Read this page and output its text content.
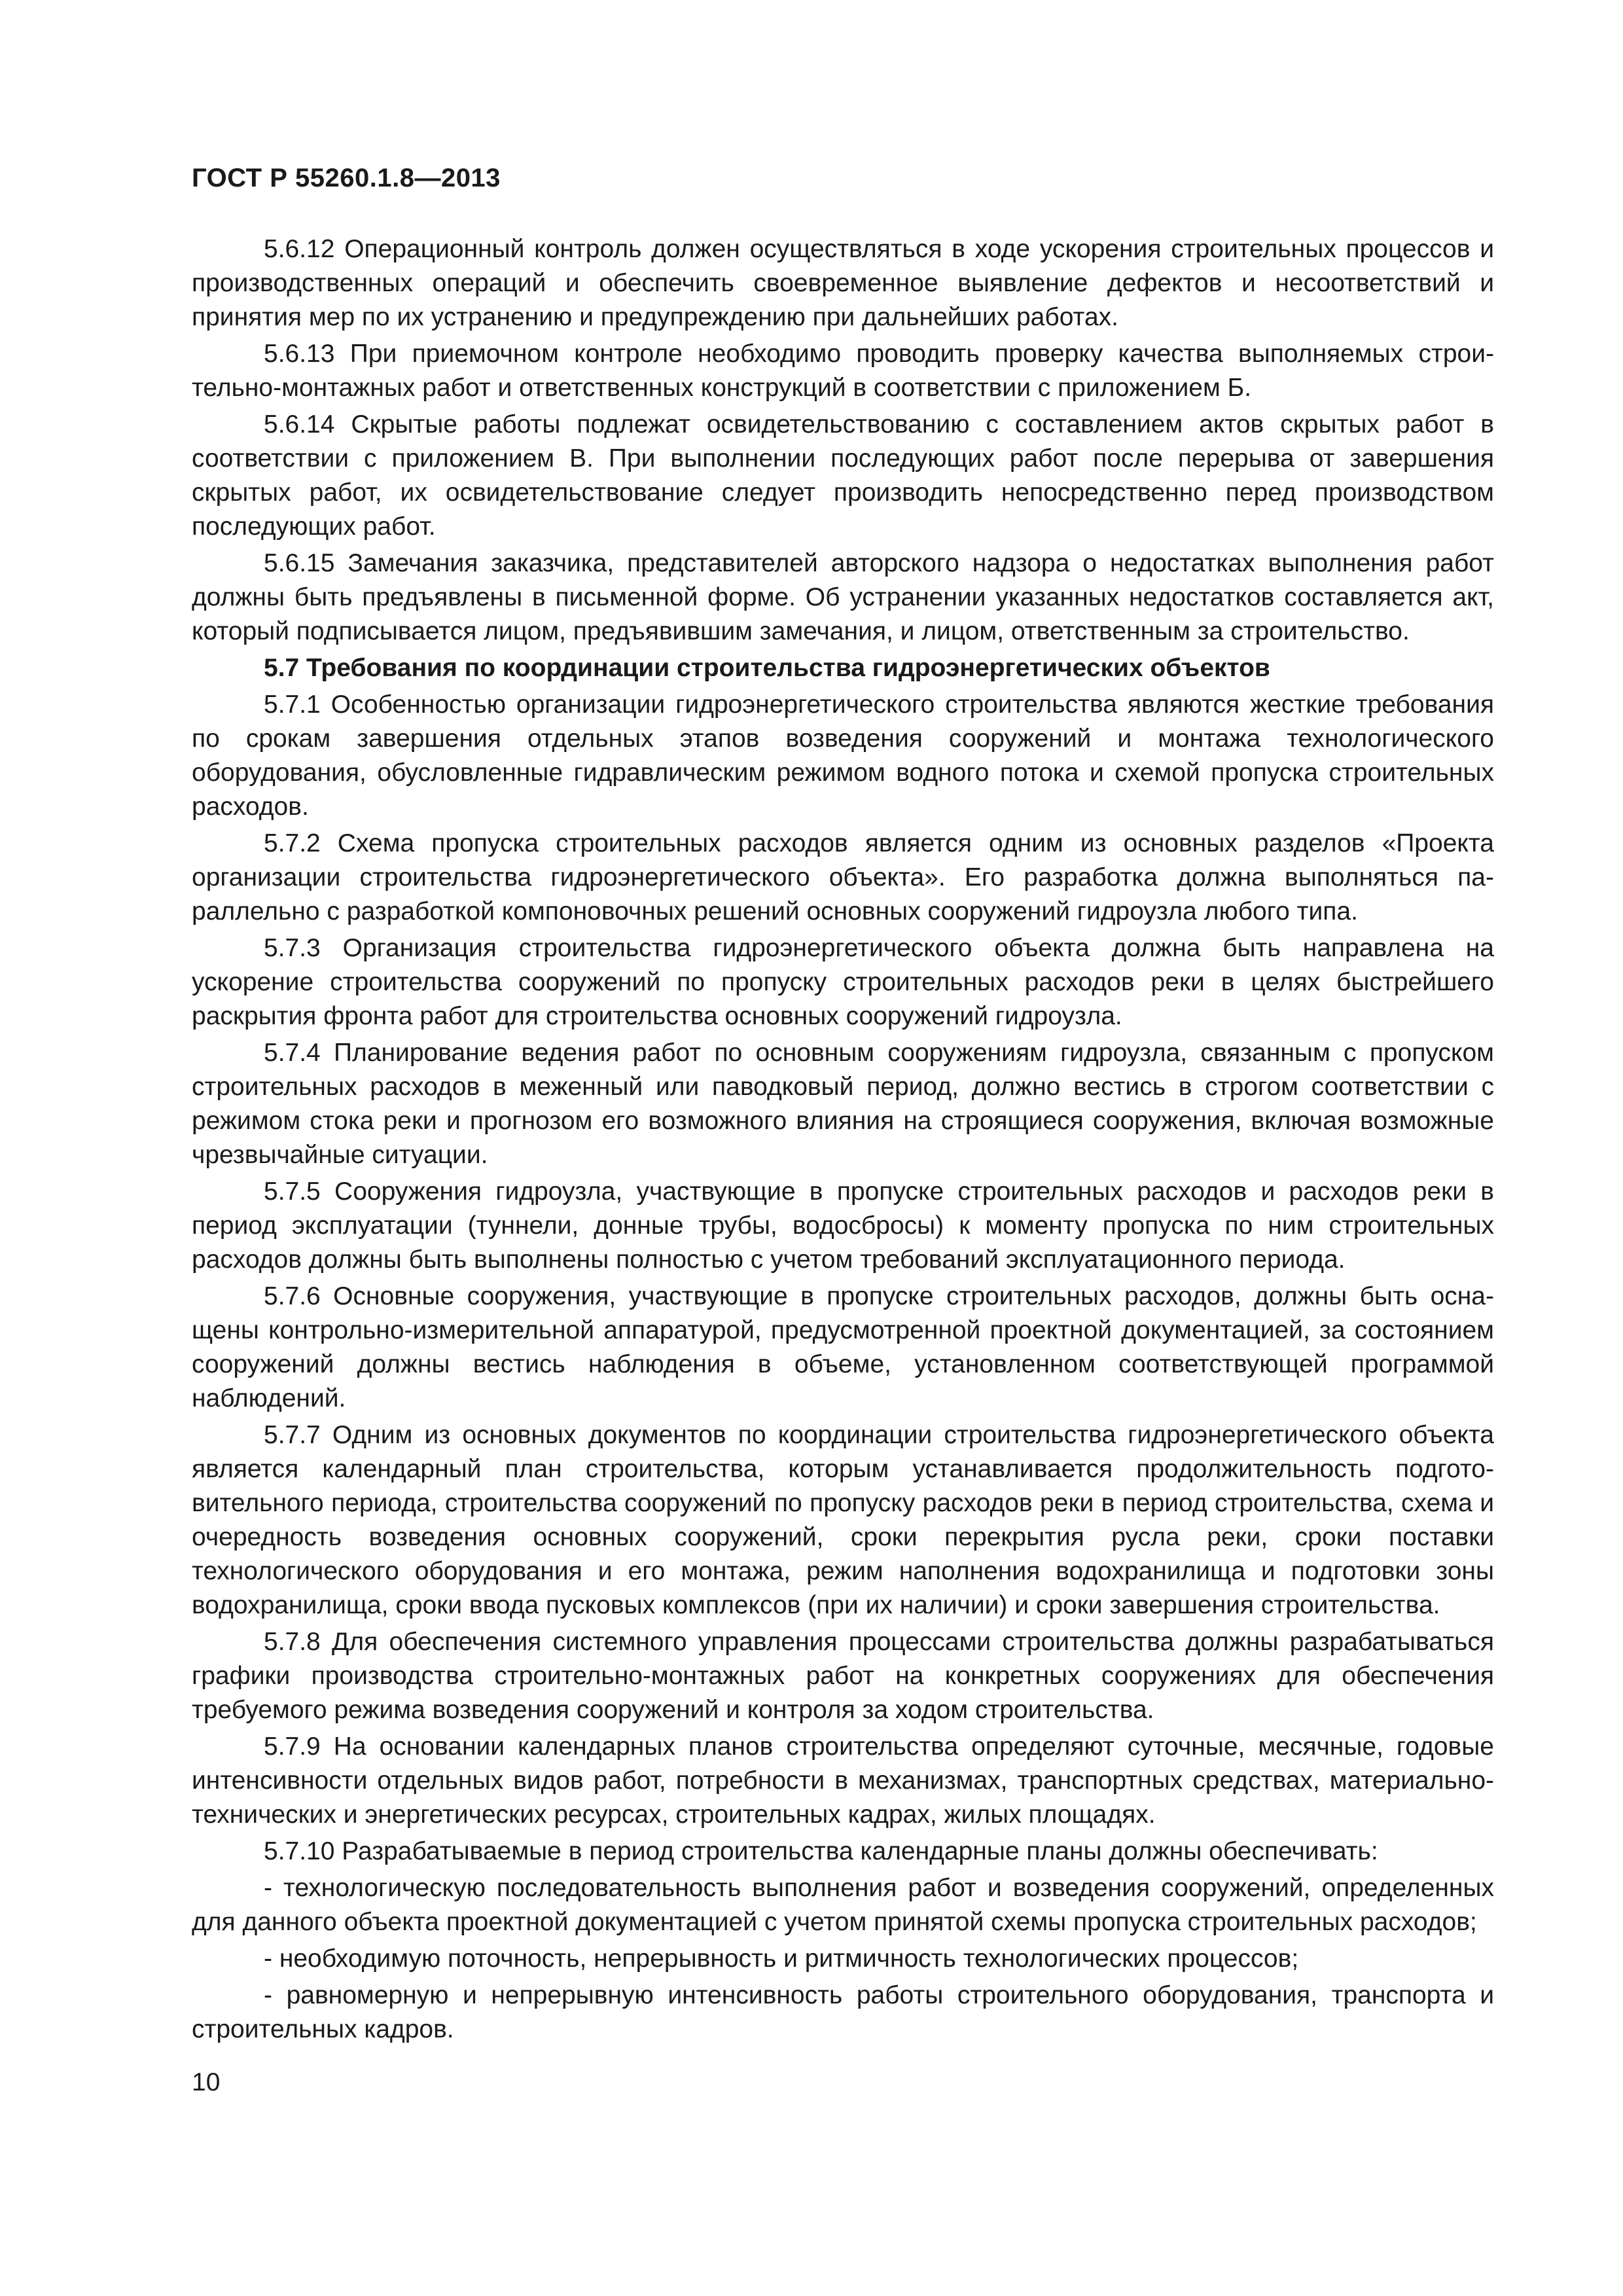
ГОСТ Р 55260.1.8—2013

5.6.12 Операционный контроль должен осуществляться в ходе ускорения строительных процессов и производственных операций и обеспечить своевременное выявление дефектов и несоответствий и принятия мер по их устранению и предупреждению при дальнейших работах.

5.6.13 При приемочном контроле необходимо проводить проверку качества выполняемых строительно-монтажных работ и ответственных конструкций в соответствии с приложением Б.

5.6.14 Скрытые работы подлежат освидетельствованию с составлением актов скрытых работ в соответствии с приложением В. При выполнении последующих работ после перерыва от завершения скрытых работ, их освидетельствование следует производить непосредственно перед производством последующих работ.

5.6.15 Замечания заказчика, представителей авторского надзора о недостатках выполнения работ должны быть предъявлены в письменной форме. Об устранении указанных недостатков составляется акт, который подписывается лицом, предъявившим замечания, и лицом, ответственным за строительство.

5.7 Требования по координации строительства гидроэнергетических объектов

5.7.1 Особенностью организации гидроэнергетического строительства являются жесткие требования по срокам завершения отдельных этапов возведения сооружений и монтажа технологического оборудования, обусловленные гидравлическим режимом водного потока и схемой пропуска строительных расходов.

5.7.2 Схема пропуска строительных расходов является одним из основных разделов «Проекта организации строительства гидроэнергетического объекта». Его разработка должна выполняться параллельно с разработкой компоновочных решений основных сооружений гидроузла любого типа.

5.7.3 Организация строительства гидроэнергетического объекта должна быть направлена на ускорение строительства сооружений по пропуску строительных расходов реки в целях быстрейшего раскрытия фронта работ для строительства основных сооружений гидроузла.

5.7.4 Планирование ведения работ по основным сооружениям гидроузла, связанным с пропуском строительных расходов в меженный или паводковый период, должно вестись в строгом соответствии с режимом стока реки и прогнозом его возможного влияния на строящиеся сооружения, включая возможные чрезвычайные ситуации.

5.7.5 Сооружения гидроузла, участвующие в пропуске строительных расходов и расходов реки в период эксплуатации (туннели, донные трубы, водосбросы) к моменту пропуска по ним строительных расходов должны быть выполнены полностью с учетом требований эксплуатационного периода.

5.7.6 Основные сооружения, участвующие в пропуске строительных расходов, должны быть оснащены контрольно-измерительной аппаратурой, предусмотренной проектной документацией, за состоянием сооружений должны вестись наблюдения в объеме, установленном соответствующей программой наблюдений.

5.7.7 Одним из основных документов по координации строительства гидроэнергетического объекта является календарный план строительства, которым устанавливается продолжительность подготовительного периода, строительства сооружений по пропуску расходов реки в период строительства, схема и очередность возведения основных сооружений, сроки перекрытия русла реки, сроки поставки технологического оборудования и его монтажа, режим наполнения водохранилища и подготовки зоны водохранилища, сроки ввода пусковых комплексов (при их наличии) и сроки завершения строительства.

5.7.8 Для обеспечения системного управления процессами строительства должны разрабатываться графики производства строительно-монтажных работ на конкретных сооружениях для обеспечения требуемого режима возведения сооружений и контроля за ходом строительства.

5.7.9 На основании календарных планов строительства определяют суточные, месячные, годовые интенсивности отдельных видов работ, потребности в механизмах, транспортных средствах, материально-технических и энергетических ресурсах, строительных кадрах, жилых площадях.

5.7.10 Разрабатываемые в период строительства календарные планы должны обеспечивать:

- технологическую последовательность выполнения работ и возведения сооружений, определенных для данного объекта проектной документацией с учетом принятой схемы пропуска строительных расходов;

- необходимую поточность, непрерывность и ритмичность технологических процессов;

- равномерную и непрерывную интенсивность работы строительного оборудования, транспорта и строительных кадров.

10
